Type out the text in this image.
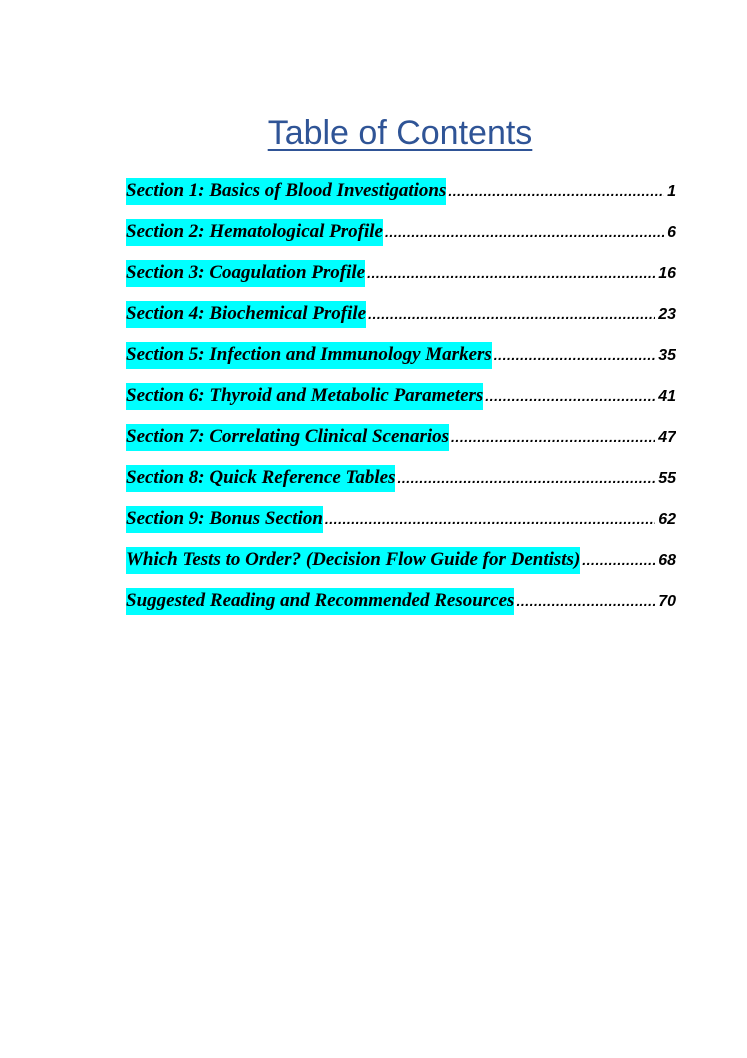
Table of Contents
Section 1: Basics of Blood Investigations .....	1
Section 2: Hematological Profile .....	6
Section 3: Coagulation Profile .....	16
Section 4: Biochemical Profile .....	23
Section 5: Infection and Immunology Markers .....	35
Section 6: Thyroid and Metabolic Parameters .....	41
Section 7: Correlating Clinical Scenarios .....	47
Section 8: Quick Reference Tables .....	55
Section 9: Bonus Section .....	62
Which Tests to Order? (Decision Flow Guide for Dentists) .....	68
Suggested Reading and Recommended Resources .....	70
